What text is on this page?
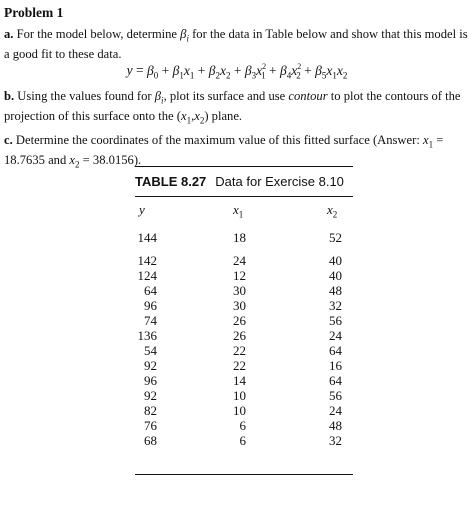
Problem 1
a. For the model below, determine $\beta_i$ for the data in Table below and show that this model is a good fit to these data.
$y = \beta_0 + \beta_1x_1 + \beta_2x_2 + \beta_3x^2_1 + \beta_4x^2_2 + \beta_5x_1x_2$
b. Using the values found for $\beta_i$, plot its surface and use contour to plot the contours of the projection of this surface onto the $(x_1,x_2)$ plane.
c. Determine the coordinates of the maximum value of this fitted surface (Answer: $x_1 = 18.7635$ and $x_2 = 38.0156$).
TABLE 8.27 Data for Exercise 8.10
y	$x_1$	$x_2$
144	18	52
142	24	40
124	12	40
64	30	48
96	30	32
74	26	56
136	26	24
54	22	64
92	22	16
96	14	64
92	10	56
82	10	24
76	6	48
68	6	32
